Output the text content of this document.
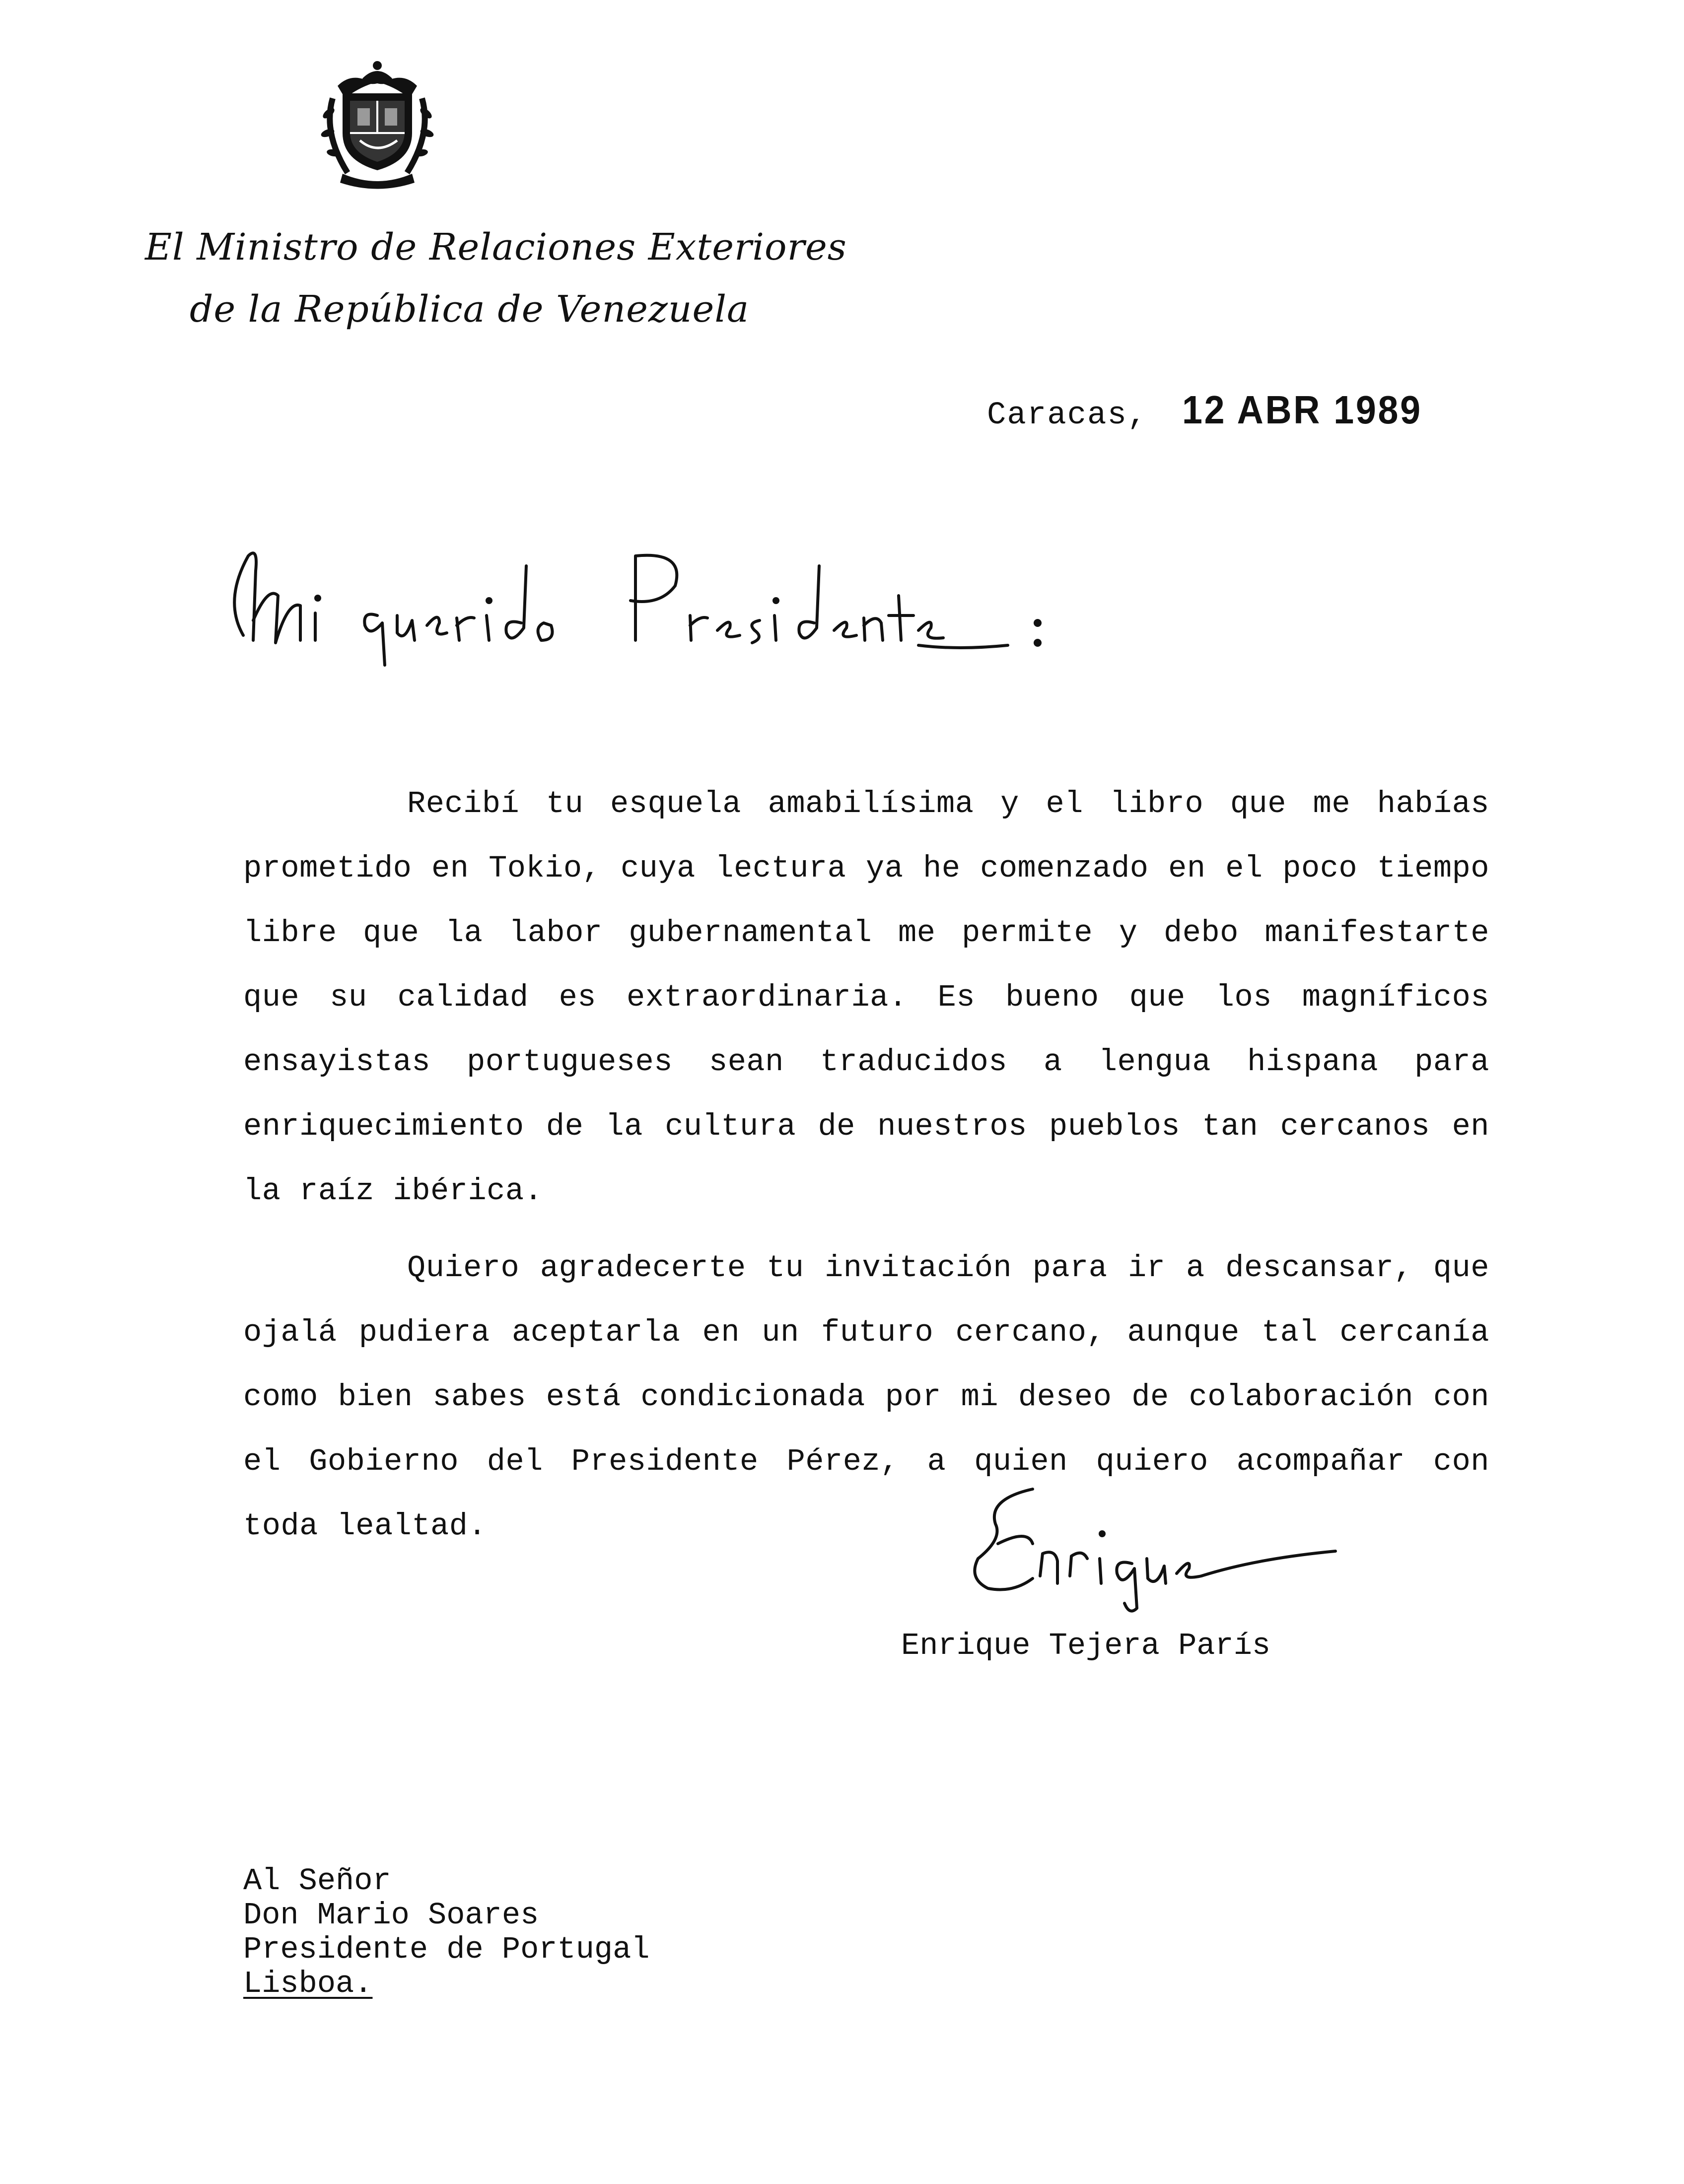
El Ministro de Relaciones Exteriores
de la República de Venezuela
Caracas, 12 ABR 1989

Recibí tu esquela amabilísima y el libro que me habías prometido en Tokio, cuya lectura ya he comenzado en el poco tiempo libre que la labor gubernamental me permite y debo manifestarte que su calidad es extraordinaria. Es bueno que los magníficos ensayistas portugueses sean traducidos a lengua hispana para enriquecimiento de la cultura de nuestros pueblos tan cercanos en la raíz ibérica.

Quiero agradecerte tu invitación para ir a descansar, que ojalá pudiera aceptarla en un futuro cercano, aunque tal cercanía como bien sabes está condicionada por mi deseo de colaboración con el Gobierno del Presidente Pérez, a quien quiero acompañar con toda lealtad.

Enrique Tejera París
Al Señor
Don Mario Soares
Presidente de Portugal
Lisboa.
